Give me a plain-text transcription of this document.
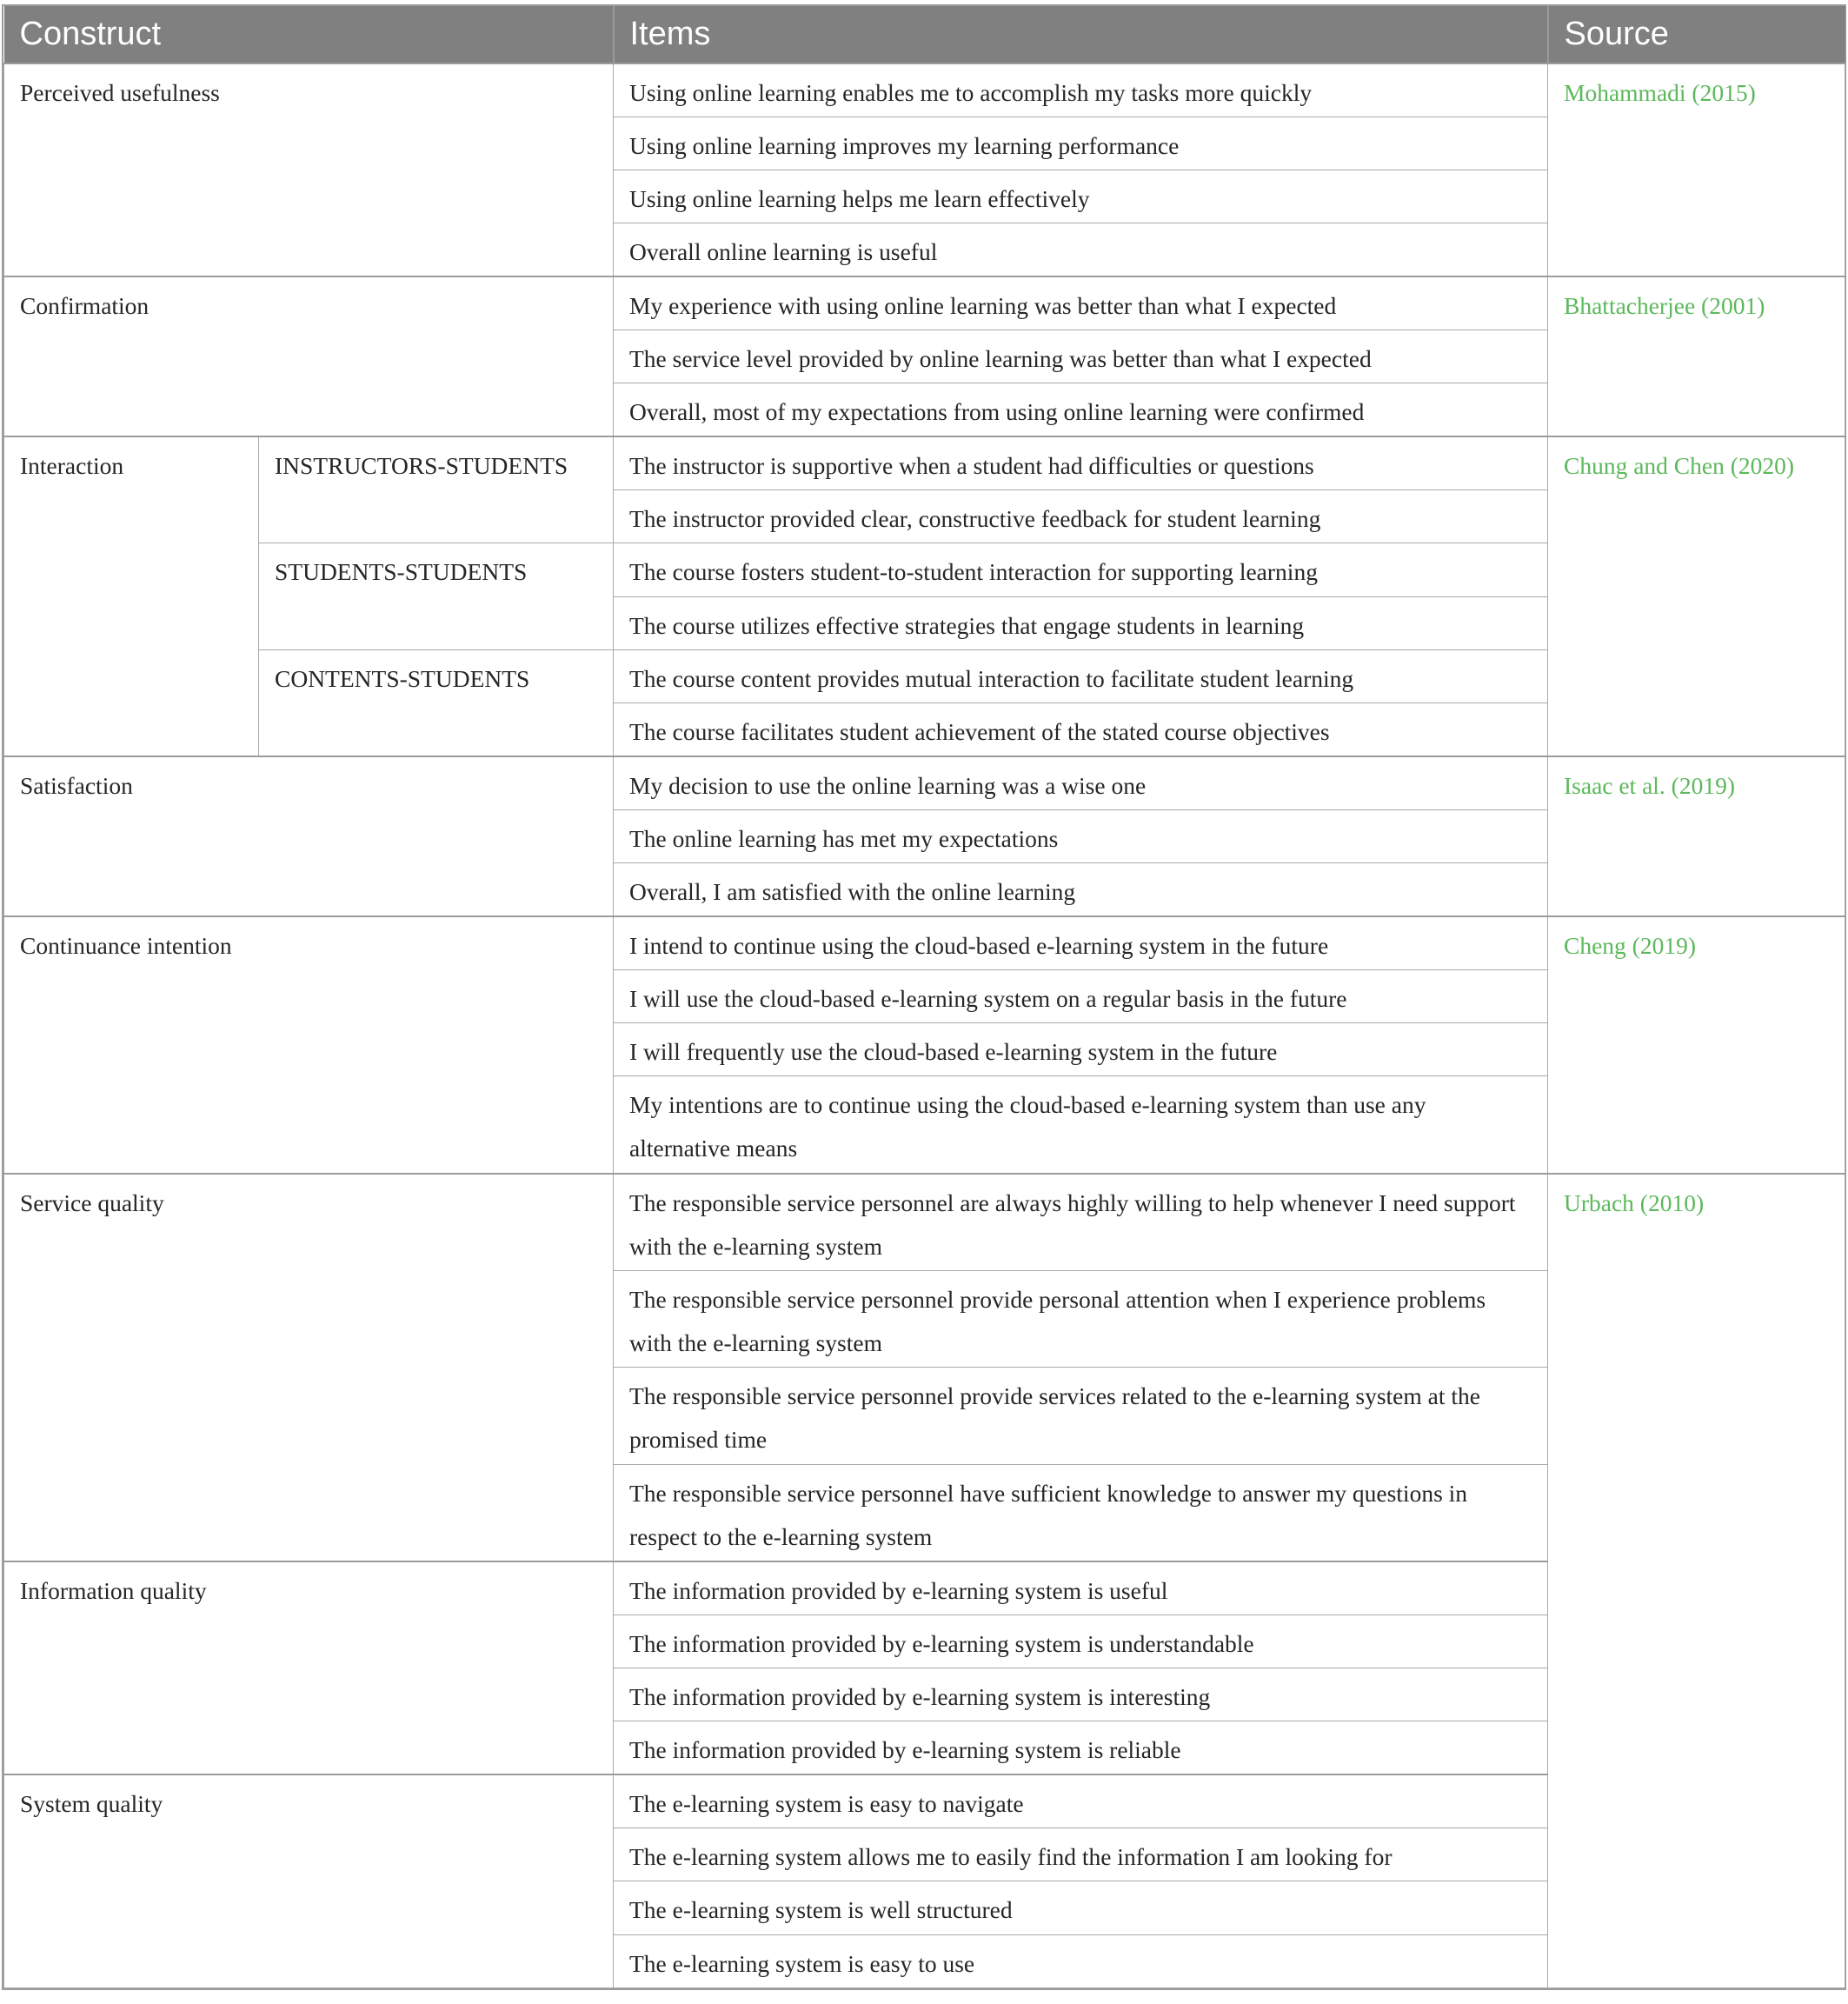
Construct		Items	Source
Perceived usefulness		Using online learning enables me to accomplish my tasks more quickly	Mohammadi (2015)
		Using online learning improves my learning performance	
		Using online learning helps me learn effectively	
		Overall online learning is useful	
Confirmation		My experience with using online learning was better than what I expected	Bhattacherjee (2001)
		The service level provided by online learning was better than what I expected	
		Overall, most of my expectations from using online learning were confirmed	
Interaction	INSTRUCTORS-STUDENTS	The instructor is supportive when a student had difficulties or questions	Chung and Chen (2020)
		The instructor provided clear, constructive feedback for student learning	
	STUDENTS-STUDENTS	The course fosters student-to-student interaction for supporting learning	
		The course utilizes effective strategies that engage students in learning	
	CONTENTS-STUDENTS	The course content provides mutual interaction to facilitate student learning	
		The course facilitates student achievement of the stated course objectives	
Satisfaction		My decision to use the online learning was a wise one	Isaac et al. (2019)
		The online learning has met my expectations	
		Overall, I am satisfied with the online learning	
Continuance intention		I intend to continue using the cloud-based e-learning system in the future	Cheng (2019)
		I will use the cloud-based e-learning system on a regular basis in the future	
		I will frequently use the cloud-based e-learning system in the future	
		My intentions are to continue using the cloud-based e-learning system than use any alternative means	
Service quality		The responsible service personnel are always highly willing to help whenever I need support with the e-learning system	Urbach (2010)
		The responsible service personnel provide personal attention when I experience problems with the e-learning system	
		The responsible service personnel provide services related to the e-learning system at the promised time	
		The responsible service personnel have sufficient knowledge to answer my questions in respect to the e-learning system	
Information quality		The information provided by e-learning system is useful	
		The information provided by e-learning system is understandable	
		The information provided by e-learning system is interesting	
		The information provided by e-learning system is reliable	
System quality		The e-learning system is easy to navigate	
		The e-learning system allows me to easily find the information I am looking for	
		The e-learning system is well structured	
		The e-learning system is easy to use	
